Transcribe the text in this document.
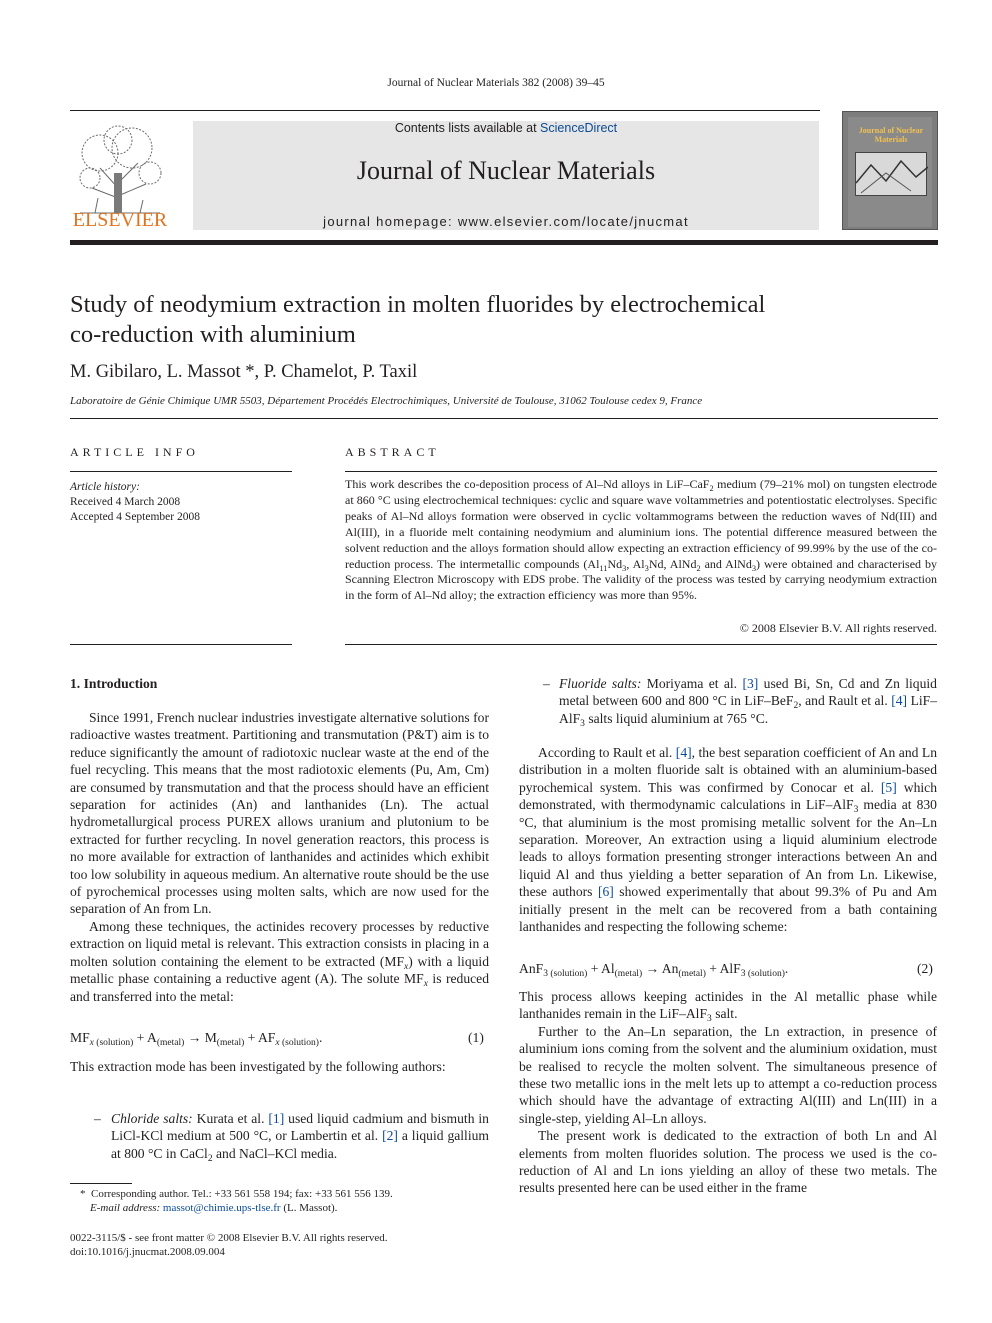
Journal of Nuclear Materials 382 (2008) 39–45
ELSEVIER
Contents lists available at ScienceDirect
Journal of Nuclear Materials
journal homepage: www.elsevier.com/locate/jnucmat
Journal of Nuclear Materials
Study of neodymium extraction in molten fluorides by electrochemical
co-reduction with aluminium
M. Gibilaro, L. Massot *, P. Chamelot, P. Taxil
Laboratoire de Génie Chimique UMR 5503, Département Procédés Electrochimiques, Université de Toulouse, 31062 Toulouse cedex 9, France
ARTICLE INFO
Article history:
Received 4 March 2008
Accepted 4 September 2008
ABSTRACT
This work describes the co-deposition process of Al–Nd alloys in LiF–CaF$_2$ medium (79–21% mol) on tungsten electrode at 860 °C using electrochemical techniques: cyclic and square wave voltammetries and potentiostatic electrolyses. Specific peaks of Al–Nd alloys formation were observed in cyclic voltammograms between the reduction waves of Nd(III) and Al(III), in a fluoride melt containing neodymium and aluminium ions. The potential difference measured between the solvent reduction and the alloys formation should allow expecting an extraction efficiency of 99.99% by the use of the co-reduction process. The intermetallic compounds ($Al_{11}Nd_3$, $Al_3Nd$, AlNd$_2$ and AlNd$_3$) were obtained and characterised by Scanning Electron Microscopy with EDS probe. The validity of the process was tested by carrying neodymium extraction in the form of Al–Nd alloy; the extraction efficiency was more than 95%.
© 2008 Elsevier B.V. All rights reserved.
1. Introduction

Since 1991, French nuclear industries investigate alternative solutions for radioactive wastes treatment. Partitioning and transmutation (P&T) aim is to reduce significantly the amount of radiotoxic nuclear waste at the end of the fuel recycling. This means that the most radiotoxic elements (Pu, Am, Cm) are consumed by transmutation and that the process should have an efficient separation for actinides (An) and lanthanides (Ln). The actual hydrometallurgical process PUREX allows uranium and plutonium to be extracted for further recycling. In novel generation reactors, this process is no more available for extraction of lanthanides and actinides which exhibit too low solubility in aqueous medium. An alternative route should be the use of pyrochemical processes using molten salts, which are now used for the separation of An from Ln.

Among these techniques, the actinides recovery processes by reductive extraction on liquid metal is relevant. This extraction consists in placing in a molten solution containing the element to be extracted $(MF_x)$ with a liquid metallic phase containing a reductive agent (A). The solute $MF_x$ is reduced and transferred into the metal:

$MF_{x (solution)} + A_{(metal)} \to M_{(metal)} + AF_{x (solution)}$.	(1)

This extraction mode has been investigated by the following authors:

– Chloride salts: Kurata et al. [1] used liquid cadmium and bismuth in LiCl-KCl medium at 500 °C, or Lambertin et al. [2] a liquid gallium at 800 °C in CaCl$_2$ and NaCl–KCl media.
*  Corresponding author. Tel.: +33 561 558 194; fax: +33 561 556 139.
E-mail address: massot@chimie.ups-tlse.fr (L. Massot).
0022-3115/$ - see front matter © 2008 Elsevier B.V. All rights reserved.
doi:10.1016/j.jnucmat.2008.09.004
– Fluoride salts: Moriyama et al. [3] used Bi, Sn, Cd and Zn liquid metal between 600 and 800 °C in LiF–BeF$_2$, and Rault et al. [4] LiF–AlF$_3$ salts liquid aluminium at 765 °C.

According to Rault et al. [4], the best separation coefficient of An and Ln distribution in a molten fluoride salt is obtained with an aluminium-based pyrochemical system. This was confirmed by Conocar et al. [5] which demonstrated, with thermodynamic calculations in LiF–AlF$_3$ media at 830 °C, that aluminium is the most promising metallic solvent for the An–Ln separation. Moreover, An extraction using a liquid aluminium electrode leads to alloys formation presenting stronger interactions between An and liquid Al and thus yielding a better separation of An from Ln. Likewise, these authors [6] showed experimentally that about 99.3% of Pu and Am initially present in the melt can be recovered from a bath containing lanthanides and respecting the following scheme:

$AnF_{3 (solution)} + Al_{(metal)} \to An_{(metal)} + AlF_{3 (solution)}$.	(2)

This process allows keeping actinides in the Al metallic phase while lanthanides remain in the LiF–AlF$_3$ salt.

Further to the An–Ln separation, the Ln extraction, in presence of aluminium ions coming from the solvent and the aluminium oxidation, must be realised to recycle the molten solvent. The simultaneous presence of these two metallic ions in the melt lets up to attempt a co-reduction process which should have the advantage of extracting Al(III) and Ln(III) in a single-step, yielding Al–Ln alloys.

The present work is dedicated to the extraction of both Ln and Al elements from molten fluorides solution. The process we used is the co-reduction of Al and Ln ions yielding an alloy of these two metals. The results presented here can be used either in the frame
